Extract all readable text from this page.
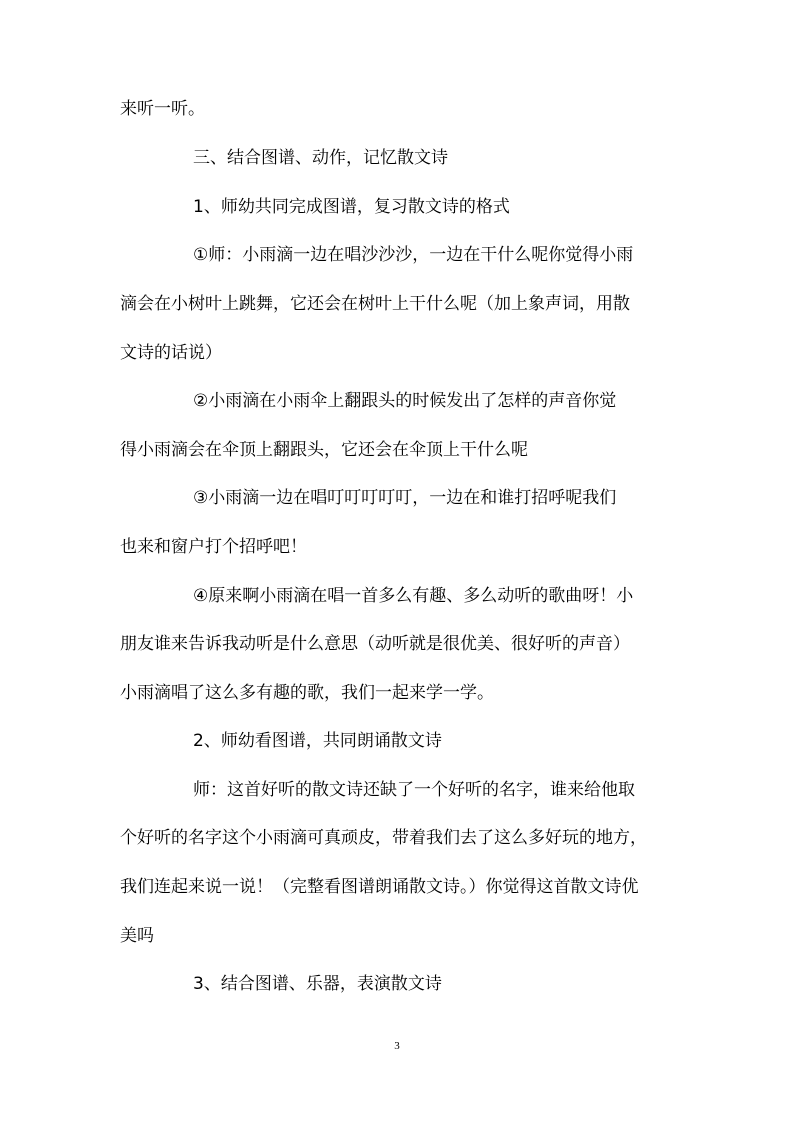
来听一听。
三、结合图谱、动作，记忆散文诗
1、师幼共同完成图谱，复习散文诗的格式
①师：小雨滴一边在唱沙沙沙，一边在干什么呢你觉得小雨
滴会在小树叶上跳舞，它还会在树叶上干什么呢（加上象声词，用散
文诗的话说）
②小雨滴在小雨伞上翻跟头的时候发出了怎样的声音你觉
得小雨滴会在伞顶上翻跟头，它还会在伞顶上干什么呢
③小雨滴一边在唱叮叮叮叮叮，一边在和谁打招呼呢我们
也来和窗户打个招呼吧！
④原来啊小雨滴在唱一首多么有趣、多么动听的歌曲呀！小
朋友谁来告诉我动听是什么意思（动听就是很优美、很好听的声音）
小雨滴唱了这么多有趣的歌，我们一起来学一学。
2、师幼看图谱，共同朗诵散文诗
师：这首好听的散文诗还缺了一个好听的名字，谁来给他取
个好听的名字这个小雨滴可真顽皮，带着我们去了这么多好玩的地方，
我们连起来说一说！（完整看图谱朗诵散文诗。）你觉得这首散文诗优
美吗
3、结合图谱、乐器，表演散文诗
3
